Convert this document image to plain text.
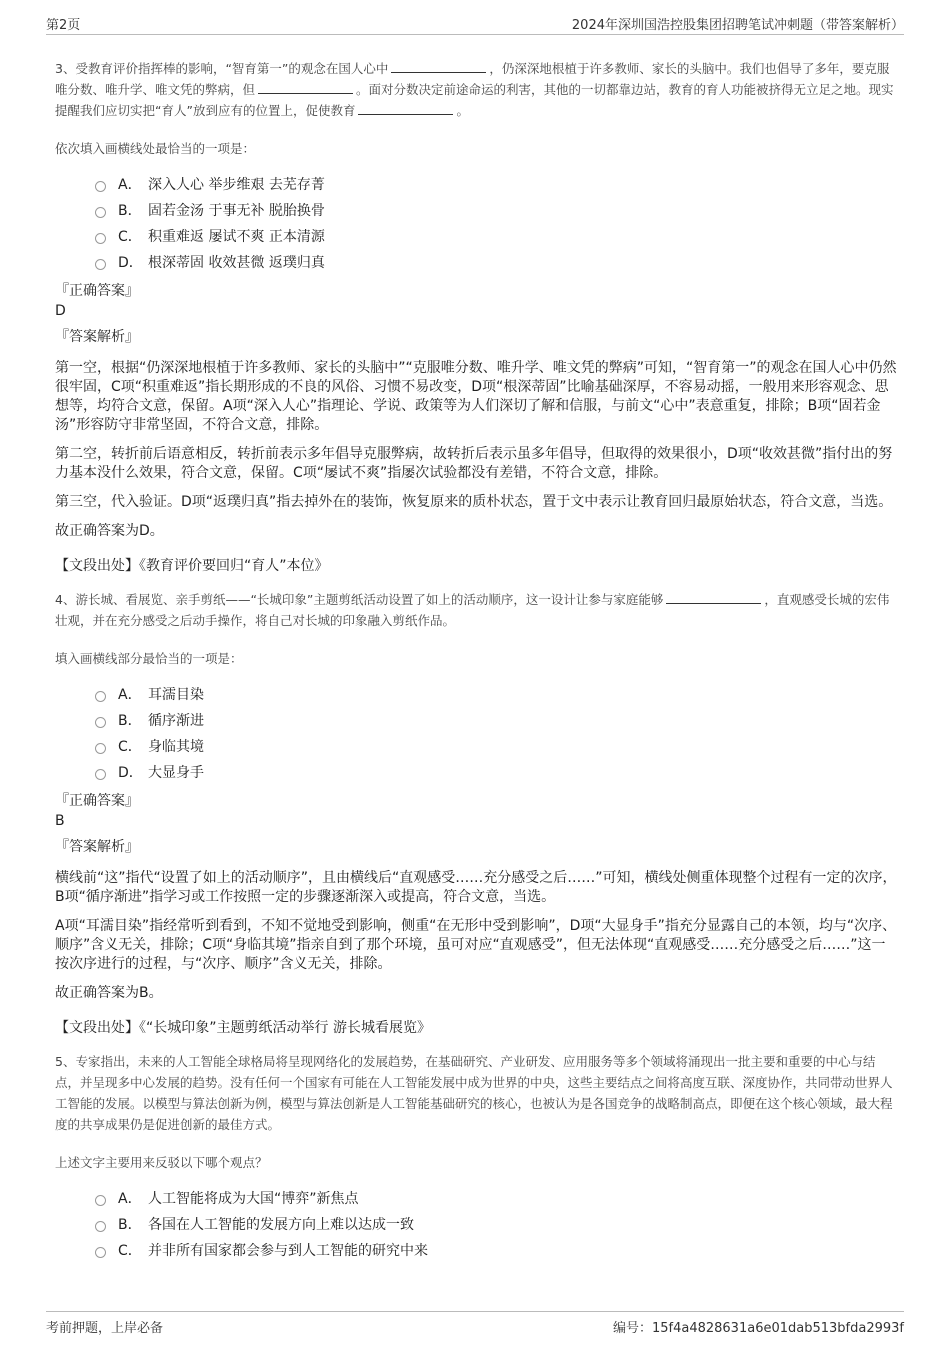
第2页	2024年深圳国浩控股集团招聘笔试冲刺题（带答案解析）

3、受教育评价指挥棒的影响，“智育第一”的观念在国人心中	，仍深深地根植于许多教师、家长的头脑中。我们也倡导了多年，要克服唯分数、唯升学、唯文凭的弊病，但	。面对分数决定前途命运的利害，其他的一切都靠边站，教育的育人功能被挤得无立足之地。现实提醒我们应切实把“育人”放到应有的位置上，促使教育	。

依次填入画横线处最恰当的一项是：
A． 深入人心 举步维艰 去芜存菁
B． 固若金汤 于事无补 脱胎换骨
C． 积重难返 屡试不爽 正本清源
D． 根深蒂固 收效甚微 返璞归真
『正确答案』
D
『答案解析』

第一空，根据“仍深深地根植于许多教师、家长的头脑中”“克服唯分数、唯升学、唯文凭的弊病”可知，“智育第一”的观念在国人心中仍然很牢固，C项“积重难返”指长期形成的不良的风俗、习惯不易改变，D项“根深蒂固”比喻基础深厚，不容易动摇，一般用来形容观念、思想等，均符合文意，保留。A项“深入人心”指理论、学说、政策等为人们深切了解和信服，与前文“心中”表意重复，排除；B项“固若金汤”形容防守非常坚固，不符合文意，排除。

第二空，转折前后语意相反，转折前表示多年倡导克服弊病，故转折后表示虽多年倡导，但取得的效果很小，D项“收效甚微”指付出的努力基本没什么效果，符合文意，保留。C项“屡试不爽”指屡次试验都没有差错，不符合文意，排除。

第三空，代入验证。D项“返璞归真”指去掉外在的装饰，恢复原来的质朴状态，置于文中表示让教育回归最原始状态，符合文意，当选。

故正确答案为D。

【文段出处】《教育评价要回归“育人”本位》

4、游长城、看展览、亲手剪纸——“长城印象”主题剪纸活动设置了如上的活动顺序，这一设计让参与家庭能够	，直观感受长城的宏伟壮观，并在充分感受之后动手操作，将自己对长城的印象融入剪纸作品。

填入画横线部分最恰当的一项是：
A． 耳濡目染
B． 循序渐进
C． 身临其境
D． 大显身手
『正确答案』
B
『答案解析』

横线前“这”指代“设置了如上的活动顺序”，且由横线后“直观感受……充分感受之后……”可知，横线处侧重体现整个过程有一定的次序，B项“循序渐进”指学习或工作按照一定的步骤逐渐深入或提高，符合文意，当选。

A项“耳濡目染”指经常听到看到，不知不觉地受到影响，侧重“在无形中受到影响”，D项“大显身手”指充分显露自己的本领，均与“次序、顺序”含义无关，排除；C项“身临其境”指亲自到了那个环境，虽可对应“直观感受”，但无法体现“直观感受……充分感受之后……”这一按次序进行的过程，与“次序、顺序”含义无关，排除。

故正确答案为B。

【文段出处】《“长城印象”主题剪纸活动举行 游长城看展览》

5、专家指出，未来的人工智能全球格局将呈现网络化的发展趋势，在基础研究、产业研发、应用服务等多个领域将涌现出一批主要和重要的中心与结点，并呈现多中心发展的趋势。没有任何一个国家有可能在人工智能发展中成为世界的中央，这些主要结点之间将高度互联、深度协作，共同带动世界人工智能的发展。以模型与算法创新为例，模型与算法创新是人工智能基础研究的核心，也被认为是各国竞争的战略制高点，即便在这个核心领域，最大程度的共享成果仍是促进创新的最佳方式。

上述文字主要用来反驳以下哪个观点？
A． 人工智能将成为大国“博弈”新焦点
B． 各国在人工智能的发展方向上难以达成一致
C． 并非所有国家都会参与到人工智能的研究中来
考前押题，上岸必备	编号：15f4a4828631a6e01dab513bfda2993f
